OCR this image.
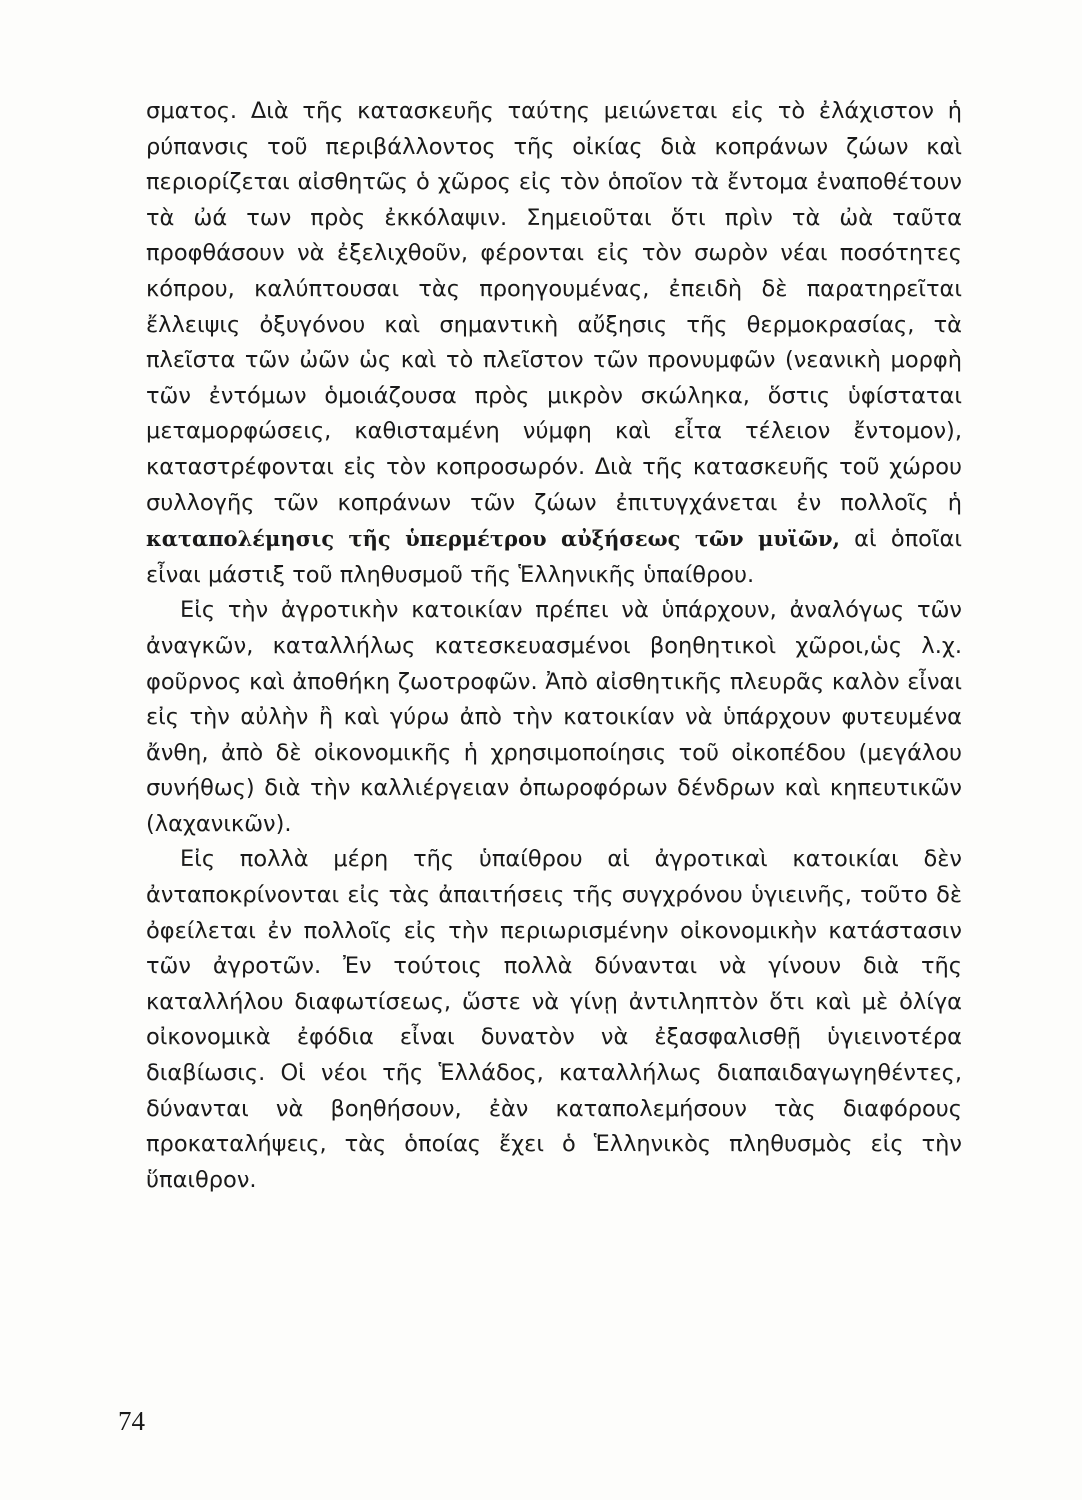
σματος. Διὰ τῆς κατασκευῆς ταύτης μειώνεται εἰς τὸ ἐλάχιστον ἡ ρύπανσις τοῦ περιβάλλοντος τῆς οἰκίας διὰ κοπράνων ζώων καὶ περιορίζεται αἰσθητῶς ὁ χῶρος εἰς τὸν ὁποῖον τὰ ἔντομα ἐναποθέτουν τὰ ὠά των πρὸς ἐκκόλαψιν. Σημειοῦται ὅτι πρὶν τὰ ὠὰ ταῦτα προφθάσουν νὰ ἐξελιχθοῦν, φέρονται εἰς τὸν σωρὸν νέαι ποσότητες κόπρου, καλύπτουσαι τὰς προηγουμένας, ἐπειδὴ δὲ παρατηρεῖται ἔλλειψις ὀξυγόνου καὶ σημαντικὴ αὔξησις τῆς θερμοκρασίας, τὰ πλεῖστα τῶν ὠῶν ὡς καὶ τὸ πλεῖστον τῶν προνυμφῶν (νεανικὴ μορφὴ τῶν ἐντόμων ὁμοιάζουσα πρὸς μικρὸν σκώληκα, ὅστις ὑφίσταται μεταμορφώσεις, καθισταμένη νύμφη καὶ εἶτα τέλειον ἔντομον), καταστρέφονται εἰς τὸν κοπροσωρόν. Διὰ τῆς κατασκευῆς τοῦ χώρου συλλογῆς τῶν κοπράνων τῶν ζώων ἐπιτυγχάνεται ἐν πολλοῖς ἡ καταπολέμησις τῆς ὑπερμέτρου αὐξήσεως τῶν μυϊῶν, αἱ ὁποῖαι εἶναι μάστιξ τοῦ πληθυσμοῦ τῆς Ἑλληνικῆς ὑπαίθρου.

Εἰς τὴν ἀγροτικὴν κατοικίαν πρέπει νὰ ὑπάρχουν, ἀναλόγως τῶν ἀναγκῶν, καταλλήλως κατεσκευασμένοι βοηθητικοὶ χῶροι,ὡς λ.χ. φοῦρνος καὶ ἀποθήκη ζωοτροφῶν. Ἀπὸ αἰσθητικῆς πλευρᾶς καλὸν εἶναι εἰς τὴν αὐλὴν ἢ καὶ γύρω ἀπὸ τὴν κατοικίαν νὰ ὑπάρχουν φυτευμένα ἄνθη, ἀπὸ δὲ οἰκονομικῆς ἡ χρησιμοποίησις τοῦ οἰκοπέδου (μεγάλου συνήθως) διὰ τὴν καλλιέργειαν ὀπωροφόρων δένδρων καὶ κηπευτικῶν (λαχανικῶν).

Εἰς πολλὰ μέρη τῆς ὑπαίθρου αἱ ἀγροτικαὶ κατοικίαι δὲν ἀνταποκρίνονται εἰς τὰς ἀπαιτήσεις τῆς συγχρόνου ὑγιεινῆς, τοῦτο δὲ ὀφείλεται ἐν πολλοῖς εἰς τὴν περιωρισμένην οἰκονομικὴν κατάστασιν τῶν ἀγροτῶν. Ἐν τούτοις πολλὰ δύνανται νὰ γίνουν διὰ τῆς καταλλήλου διαφωτίσεως, ὥστε νὰ γίνῃ ἀντιληπτὸν ὅτι καὶ μὲ ὀλίγα οἰκονομικὰ ἐφόδια εἶναι δυνατὸν νὰ ἐξασφαλισθῇ ὑγιεινοτέρα διαβίωσις. Οἱ νέοι τῆς Ἑλλάδος, καταλλήλως διαπαιδαγωγηθέντες, δύνανται νὰ βοηθήσουν, ἐὰν καταπολεμήσουν τὰς διαφόρους προκαταλήψεις, τὰς ὁποίας ἔχει ὁ Ἑλληνικὸς πληθυσμὸς εἰς τὴν ὕπαιθρον.

74
